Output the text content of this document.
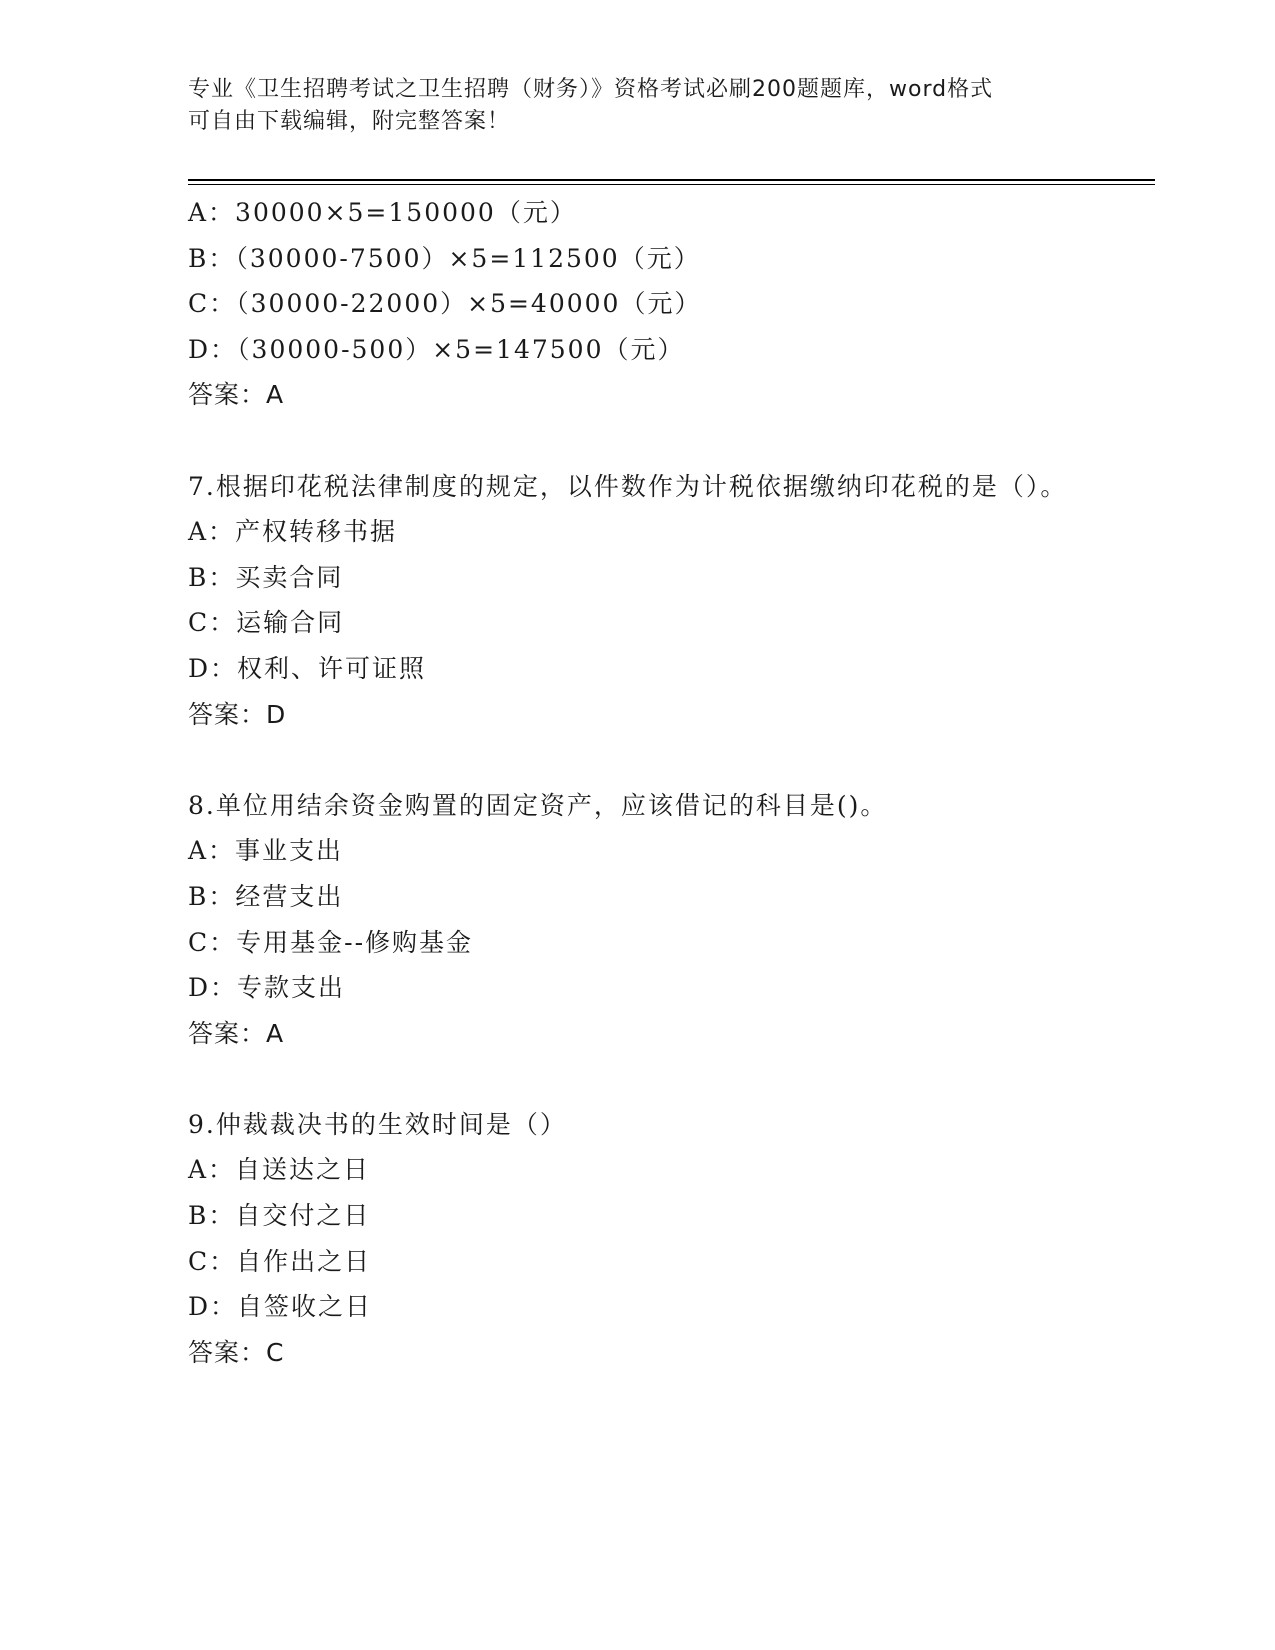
专业《卫生招聘考试之卫生招聘（财务）》资格考试必刷200题题库，word格式
可自由下载编辑，附完整答案！
A：30000×5=150000（元）
B：（30000-7500）×5=112500（元）
C：（30000-22000）×5=40000（元）
D：（30000-500）×5=147500（元）
答案：A
7.根据印花税法律制度的规定，以件数作为计税依据缴纳印花税的是（）。
A：产权转移书据
B：买卖合同
C：运输合同
D：权利、许可证照
答案：D
8.单位用结余资金购置的固定资产，应该借记的科目是()。
A：事业支出
B：经营支出
C：专用基金--修购基金
D：专款支出
答案：A
9.仲裁裁决书的生效时间是（）
A：自送达之日
B：自交付之日
C：自作出之日
D：自签收之日
答案：C
